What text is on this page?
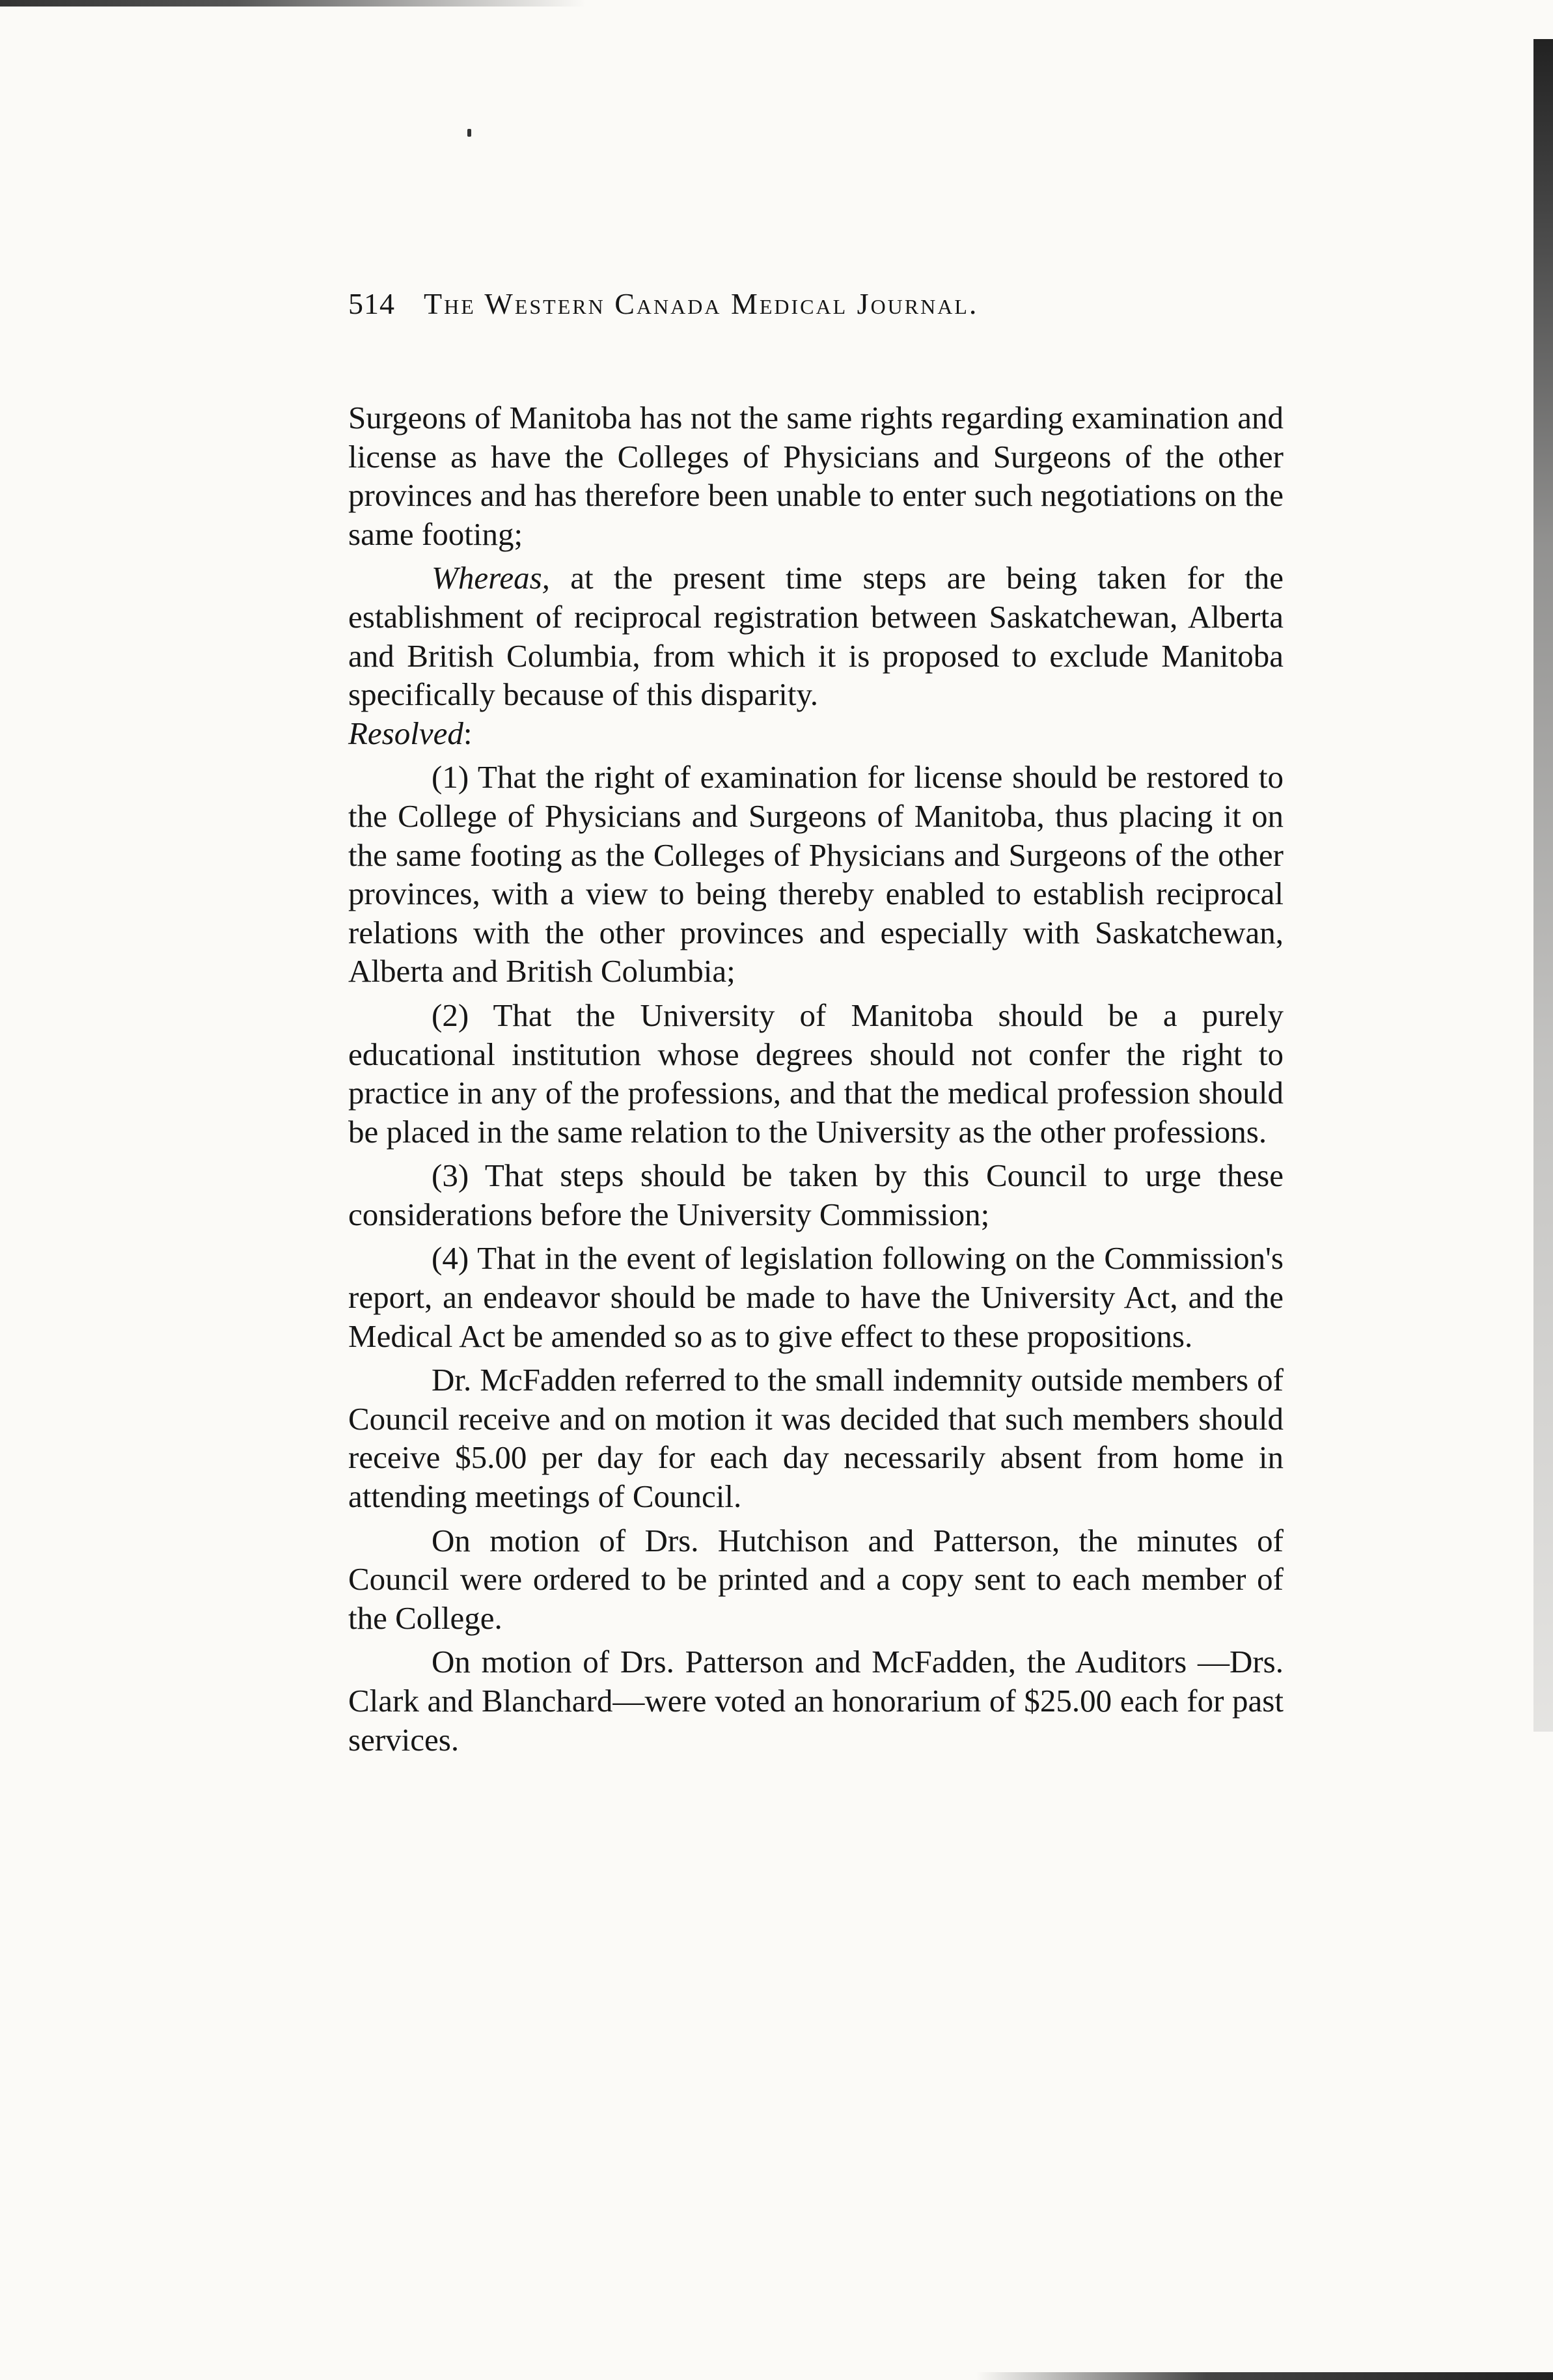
514 The Western Canada Medical Journal.

Surgeons of Manitoba has not the same rights regarding examination and license as have the Colleges of Physicians and Surgeons of the other provinces and has therefore been unable to enter such negotiations on the same footing;

Whereas, at the present time steps are being taken for the establishment of reciprocal registration between Saskatchewan, Alberta and British Columbia, from which it is proposed to exclude Manitoba specifically because of this disparity.

Resolved:

(1) That the right of examination for license should be restored to the College of Physicians and Surgeons of Manitoba, thus placing it on the same footing as the Colleges of Physicians and Surgeons of the other provinces, with a view to being thereby enabled to establish reciprocal relations with the other provinces and especially with Saskatchewan, Alberta and British Columbia;

(2) That the University of Manitoba should be a purely educational institution whose degrees should not confer the right to practice in any of the professions, and that the medical profession should be placed in the same relation to the University as the other professions.

(3) That steps should be taken by this Council to urge these considerations before the University Commission;

(4) That in the event of legislation following on the Commission's report, an endeavor should be made to have the University Act, and the Medical Act be amended so as to give effect to these propositions.

Dr. McFadden referred to the small indemnity outside members of Council receive and on motion it was decided that such members should receive $5.00 per day for each day necessarily absent from home in attending meetings of Council.

On motion of Drs. Hutchison and Patterson, the minutes of Council were ordered to be printed and a copy sent to each member of the College.

On motion of Drs. Patterson and McFadden, the Auditors —Drs. Clark and Blanchard—were voted an honorarium of $25.00 each for past services.
